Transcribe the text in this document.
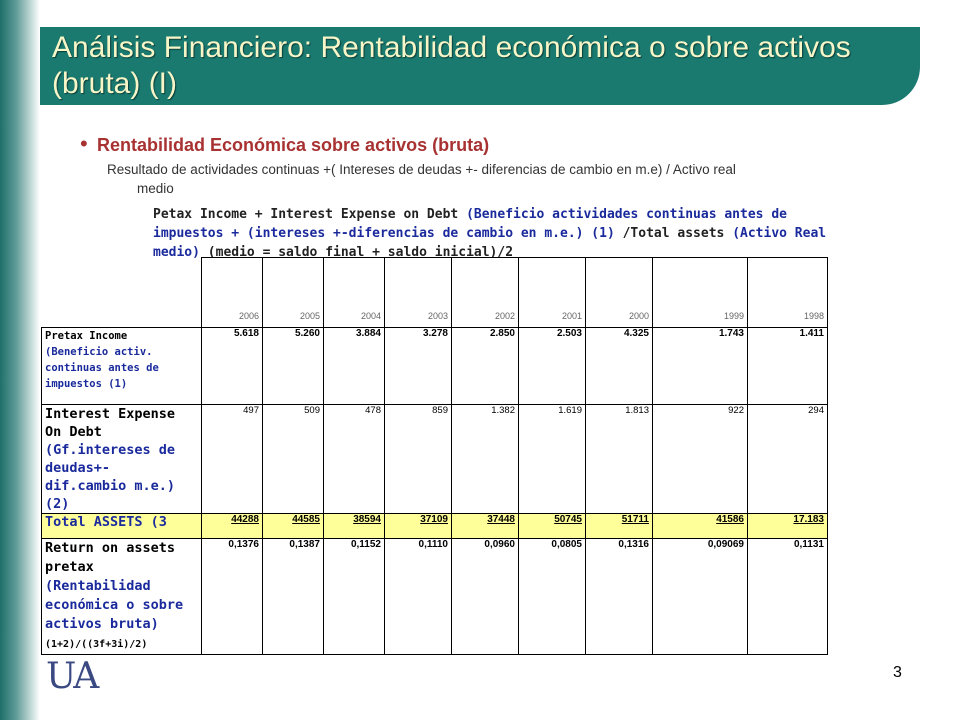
Análisis Financiero: Rentabilidad económica o sobre activos (bruta) (I)
• Rentabilidad Económica sobre activos (bruta)
Resultado de actividades continuas +( Intereses de deudas +- diferencias de cambio en m.e) / Activo real
medio
Petax Income + Interest Expense on Debt (Beneficio actividades continuas antes de impuestos + (intereses +-diferencias de cambio en m.e.) (1) /Total assets (Activo Real medio) (medio = saldo final + saldo inicial)/2
	2006	2005	2004	2003	2002	2001	2000	1999	1998
Pretax Income
(Beneficio activ. continuas antes de impuestos (1)	5.618	5.260	3.884	3.278	2.850	2.503	4.325	1.743	1.411
Interest Expense On Debt
(Gf.intereses de deudas+- dif.cambio m.e.) (2)	497	509	478	859	1.382	1.619	1.813	922	294
Total ASSETS (3	44288	44585	38594	37109	37448	50745	51711	41586	17.183
Return on assets pretax
(Rentabilidad económica o sobre activos bruta)
(1+2)/((3f+3i)/2)	0,1376	0,1387	0,1152	0,1110	0,0960	0,0805	0,1316	0,09069	0,1131
UA	3
